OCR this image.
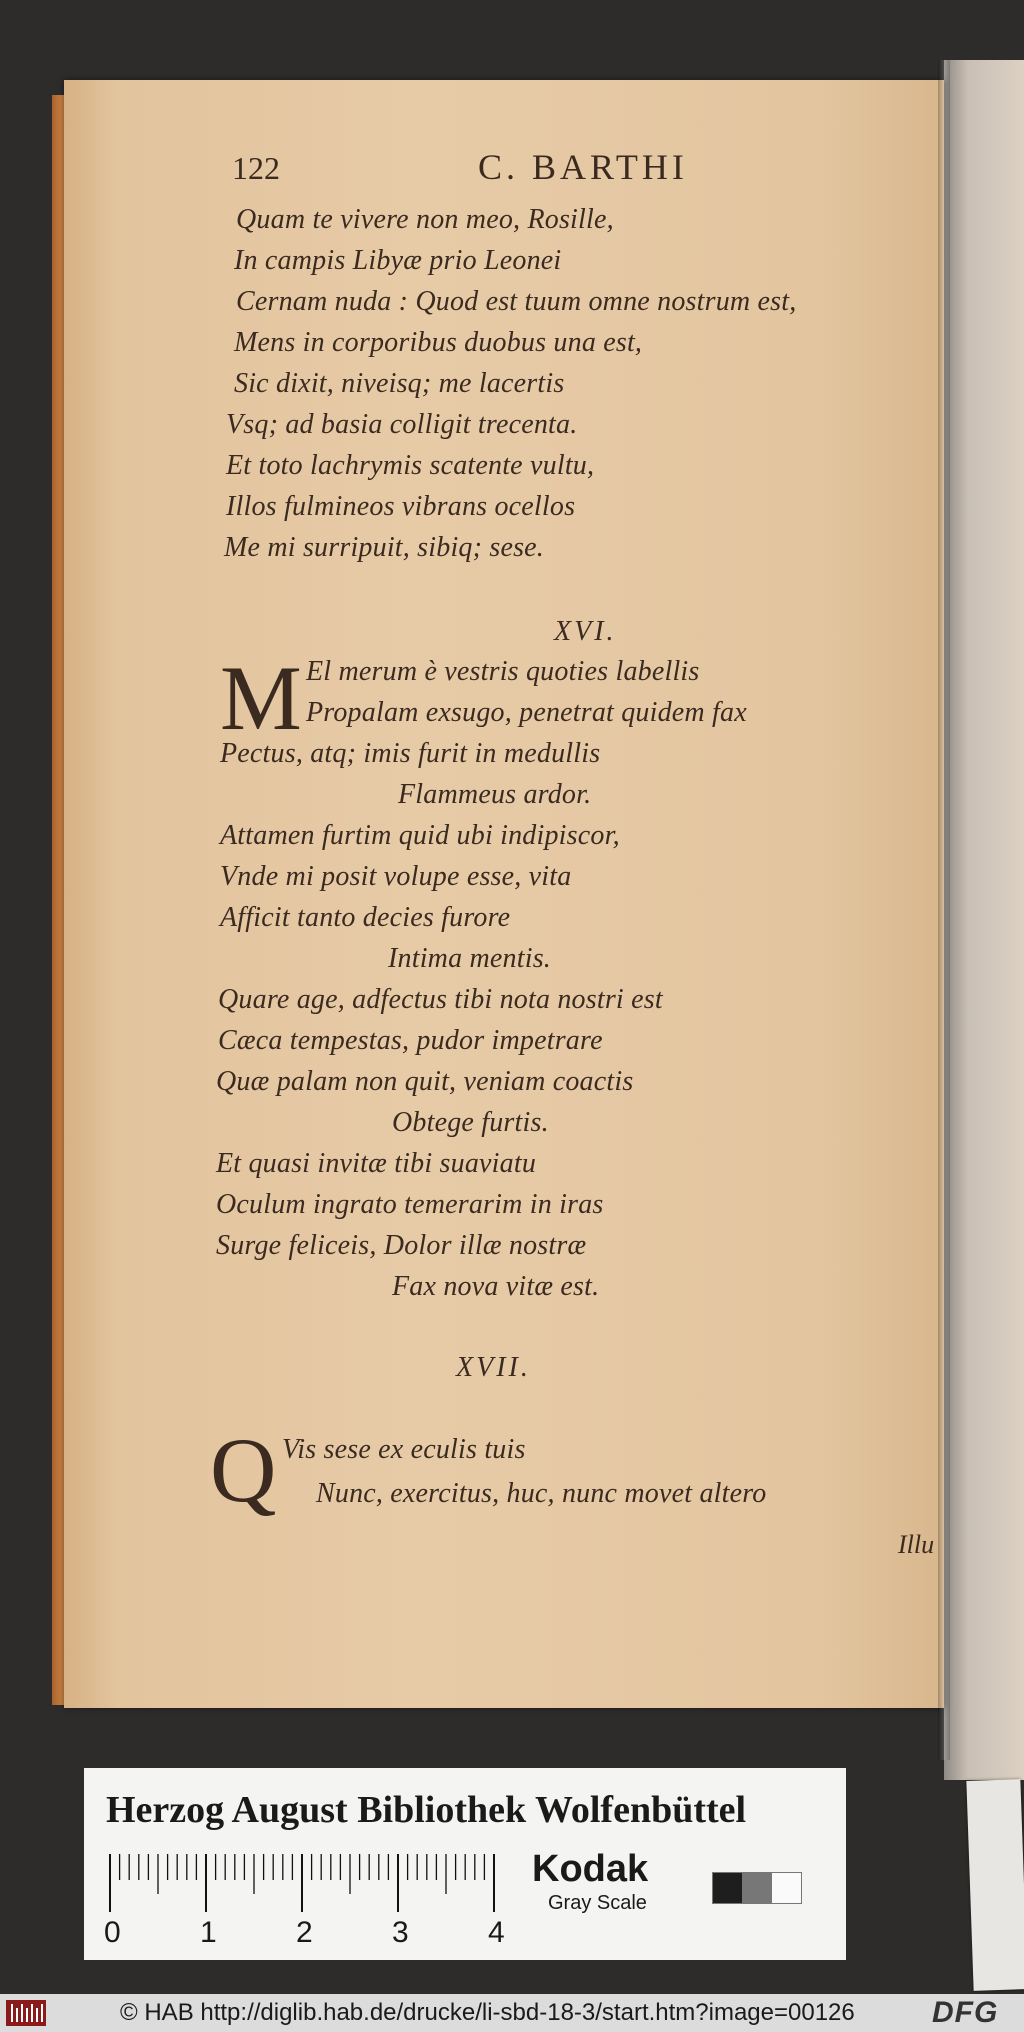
122	C. BARTHI
Quam te vivere non meo, Rosille,
In campis Libyæ prio Leonei
Cernam nuda : Quod est tuum omne nostrum est,
Mens in corporibus duobus una est,
Sic dixit, niveisq; me lacertis
Vsq; ad basia colligit trecenta.
Et toto lachrymis scatente vultu,
Illos fulmineos vibrans ocellos
Me mi surripuit, sibiq; sese.
XVI.
M El merum è vestris quoties labellis
Propalam exsugo, penetrat quidem fax
Pectus, atq; imis furit in medullis
Flammeus ardor.
Attamen furtim quid ubi indipiscor,
Vnde mi posit volupe esse, vita
Afficit tanto decies furore
Intima mentis.
Quare age, adfectus tibi nota nostri est
Cæca tempestas, pudor impetrare
Quæ palam non quit, veniam coactis
Obtege furtis.
Et quasi invitæ tibi suaviatu
Oculum ingrato temerarim in iras
Surge feliceis, Dolor illæ nostræ
Fax nova vitæ est.
XVII.
Q Vis sese ex eculis tuis
Nunc, exercitus, huc, nunc movet altero
Illu
Herzog August Bibliothek Wolfenbüttel
0	1	2	3	4
Kodak
Gray Scale
© HAB http://diglib.hab.de/drucke/li-sbd-18-3/start.htm?image=00126	DFG
